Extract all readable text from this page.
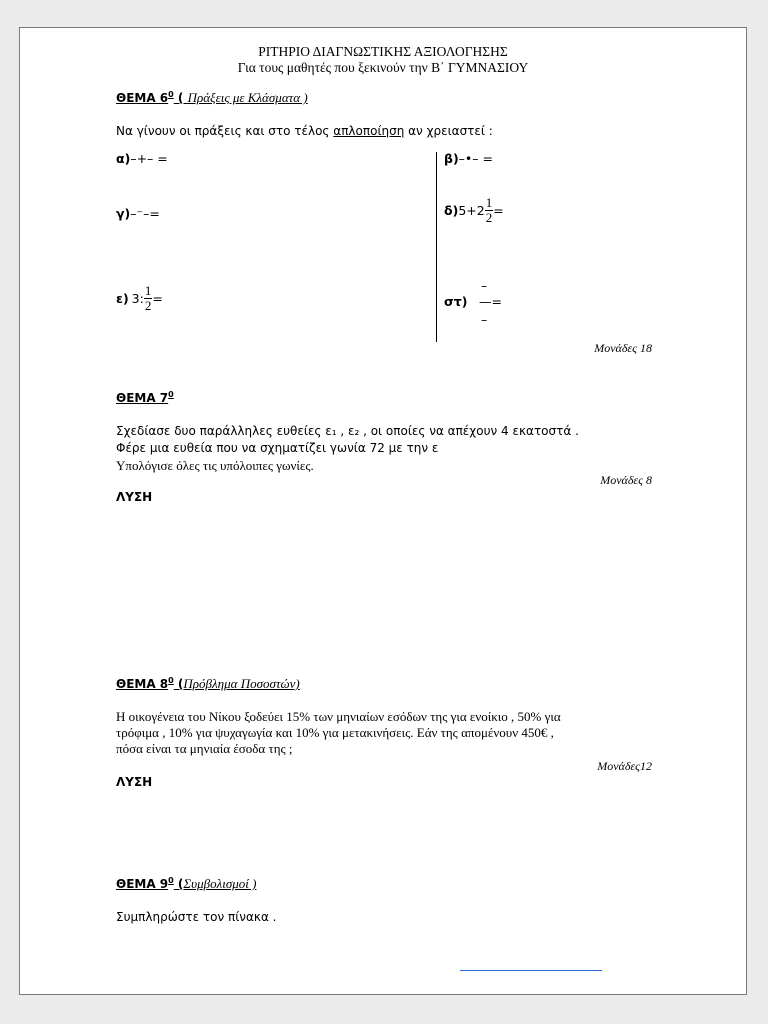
ΡΙΤΗΡΙΟ ΔΙΑΓΝΩΣΤΙΚΗΣ ΑΞΙΟΛΟΓΗΣΗΣ
Για τους μαθητές που ξεκινούν την Β΄ ΓΥΜΝΑΣΙΟΥ
ΘΕΜΑ $6^0$ ( Πράξεις με Κλάσματα )
Να γίνουν οι πράξεις και στο τέλος απλοποίηση αν χρειαστεί :
α)–+– =	β)–•– =
γ)–⁻–=	$\delta)5+2 \frac{1}{2}$ =
ε) 3: $\frac{1}{2}$ =	στ)
–
—=
–
Μονάδες 18
ΘΕΜΑ $7^0$
Σχεδίασε δυο παράλληλες ευθείες ε₁ , ε₂ , οι οποίες να απέχουν 4 εκατοστά .
Φέρε μια ευθεία που να σχηματίζει γωνία 72 με την ε
Υπολόγισε όλες τις υπόλοιπες γωνίες.
Μονάδες 8
ΛΥΣΗ
ΘΕΜΑ $8^0$ (Πρόβλημα Ποσοστών)
Η οικογένεια του Νίκου ξοδεύει 15% των μηνιαίων εσόδων της για ενοίκιο , 50% για
τρόφιμα , 10% για ψυχαγωγία και 10% για μετακινήσεις. Εάν της απομένουν 450€ ,
πόσα είναι τα μηνιαία έσοδα της ;
Μονάδες12
ΛΥΣΗ
ΘΕΜΑ $9^0$ (Συμβολισμοί )
Συμπληρώστε τον πίνακα .
